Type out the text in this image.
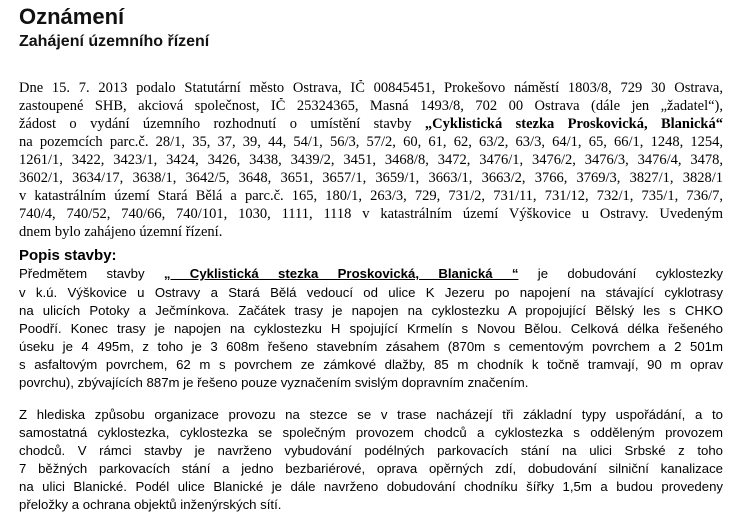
Oznámení
Zahájení územního řízení
Dne 15. 7. 2013 podalo Statutární město Ostrava, IČ 00845451, Prokešovo náměstí 1803/8, 729 30 Ostrava,
zastoupené SHB, akciová společnost, IČ 25324365, Masná 1493/8, 702 00 Ostrava (dále jen „žadatel“),
žádost o vydání územního rozhodnutí o umístění stavby „Cyklistická stezka Proskovická, Blanická“
na pozemcích parc.č. 28/1, 35, 37, 39, 44, 54/1, 56/3, 57/2, 60, 61, 62, 63/2, 63/3, 64/1, 65, 66/1, 1248, 1254,
1261/1, 3422, 3423/1, 3424, 3426, 3438, 3439/2, 3451, 3468/8, 3472, 3476/1, 3476/2, 3476/3, 3476/4, 3478,
3602/1, 3634/17, 3638/1, 3642/5, 3648, 3651, 3657/1, 3659/1, 3663/1, 3663/2, 3766, 3769/3, 3827/1, 3828/1
v katastrálním území Stará Bělá a parc.č. 165, 180/1, 263/3, 729, 731/2, 731/11, 731/12, 732/1, 735/1, 736/7,
740/4, 740/52, 740/66, 740/101, 1030, 1111, 1118 v katastrálním území Výškovice u Ostravy. Uvedeným
dnem bylo zahájeno územní řízení.
Popis stavby:
Předmětem stavby „ Cyklistická stezka Proskovická, Blanická “ je dobudování cyklostezky
v k.ú. Výškovice u Ostravy a Stará Bělá vedoucí od ulice K Jezeru po napojení na stávající cyklotrasy
na ulicích Potoky a Ječmínkova. Začátek trasy je napojen na cyklostezku A propojující Bělský les s CHKO
Poodří. Konec trasy je napojen na cyklostezku H spojující Krmelín s Novou Bělou. Celková délka řešeného
úseku je 4 495m, z toho je 3 608m řešeno stavebním zásahem (870m s cementovým povrchem a 2 501m
s asfaltovým povrchem, 62 m s povrchem ze zámkové dlažby, 85 m chodník k točně tramvají, 90 m oprav
povrchu), zbývajících 887m je řešeno pouze vyznačením svislým dopravním značením.
Z hlediska způsobu organizace provozu na stezce se v trase nacházejí tři základní typy uspořádání, a to
samostatná cyklostezka, cyklostezka se společným provozem chodců a cyklostezka s odděleným provozem
chodců. V rámci stavby je navrženo vybudování podélných parkovacích stání na ulici Srbské z toho
7 běžných parkovacích stání a jedno bezbariérové, oprava opěrných zdí, dobudování silniční kanalizace
na ulici Blanické. Podél ulice Blanické je dále navrženo dobudování chodníku šířky 1,5m a budou provedeny
přeložky a ochrana objektů inženýrských sítí.
